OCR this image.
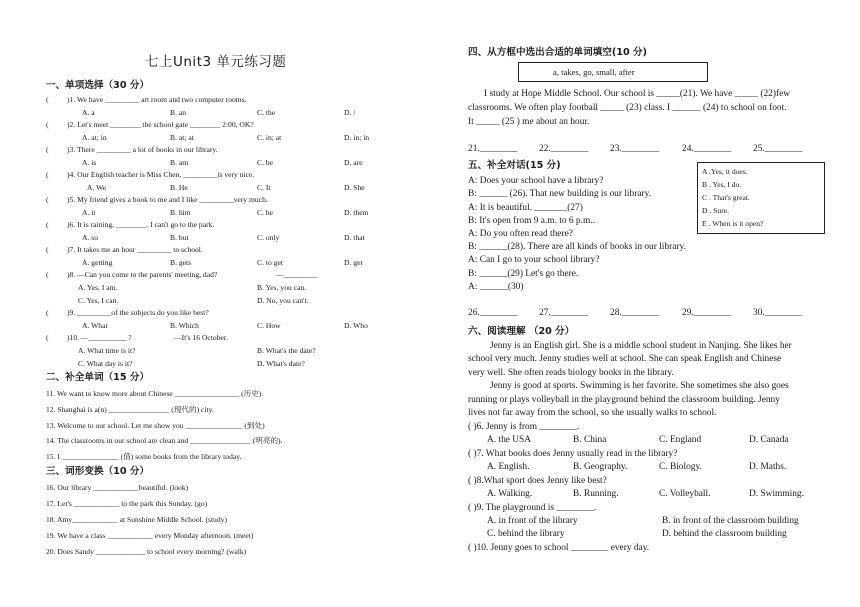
七上Unit3 单元练习题
一、单项选择（30 分）
( )1. We have _________ art room and two computer rooms.
A. a	B. an	C. the	D. /
( )2. Let's meet ________ the school gate ________ 2:00, OK?
A. at; in	B. at; at	C. in; at	D. in; in
( )3. There _________ a lot of books in our library.
A. is	B. am	C. be	D. are
( )4. Our English teacher is Miss Chen. _________is very nice.
A. We	B. He	C. It	D. She
( )5. My friend gives a book to me and I like _________very much.
A. it	B. him	C. he	D. them
( )6. It is raining, ________. I can't go to the park.
A. so	B. but	C. only	D. that
( )7. It takes me an hour _________ to school.
A. getting	B. gets	C. to get	D. get
( )8. —Can you come to the parents' meeting, dad?	—_________
A. Yes, I am.	B. Yes, you can.
C. Yes, I can.	D. No, you can't.
( )9. _________of the subjects do you like best?
A. What	B. Which	C. How	D. Who
( )10. —__________ ?	—It's 16 October.
A. What time is it?	B. What's the date?
C. What day is it?	D. What's date?
二、补全单词（15 分）
11. We want to know more about Chinese _________________ (历史).
12. Shanghai is a(n) ________________ (现代的) city.
13. Welcome to our school. Let me show you _______________ (到处)
14. The classrooms in our school are clean and ________________ (明亮的).
15. I _______________ (借) some books from the library today.
三、词形变换（10 分）
16. Our library ____________beautiful. (look)
17. Let's ____________ to the park this Sunday. (go)
18. Amy____________ at Sunshine Middle School. (study)
19. We have a class ____________ every Monday afternoon. (meet)
20. Does Sandy _____________ to school every morning? (walk)
四、从方框中选出合适的单词填空(10 分)
a, takes, go, small, after
I study at Hope Middle School. Our school is _____(21). We have _____ (22)few
classrooms. We often play football _____ (23) class. I ______ (24) to school on foot.
It _____ (25 ) me about an hour.
21.________ 22.________ 23.________ 24.________ 25.________
五、补全对话(15 分)
A: Does your school have a library?
B: ______ (26). That new building is our library.
A: It is beautiful. _______(27)
B: It's open from 9 a.m. to 6 p.m..
A: Do you often read there?
B: ______(28). There are all kinds of books in our library.
A: Can I go to your school library?
B: ______(29) Let's go there.
A: ______(30)
A .Yes, it does.
B . Yes, I do.
C . That's great.
D . Sure.
E . When is it open?
26.________ 27.________ 28.________ 29.________ 30.________
六、阅读理解 （20 分）
Jenny is an English girl. She is a middle school student in Nanjing. She likes her
school very much. Jenny studies well at school. She can speak English and Chinese
very well. She often reads biology books in the library.
Jenny is good at sports. Swimming is her favorite. She sometimes she also goes
running or plays volleyball in the playground behind the classroom building. Jenny
lives not far away from the school, so she usually walks to school.
( )6. Jenny is from ________.
A. the USA	B. China	C. England	D. Canada
( )7. What books does Jenny usually read in the library?
A. English.	B. Geography.	C. Biology.	D. Maths.
( )8.What sport does Jenny like best?
A. Walking.	B. Running.	C. Volleyball.	D. Swimming.
( )9. The playground is ________.
A. in front of the library	B. in front of the classroom building
C. behind the library	D. behind the classroom building
( )10. Jenny goes to school ________ every day.
